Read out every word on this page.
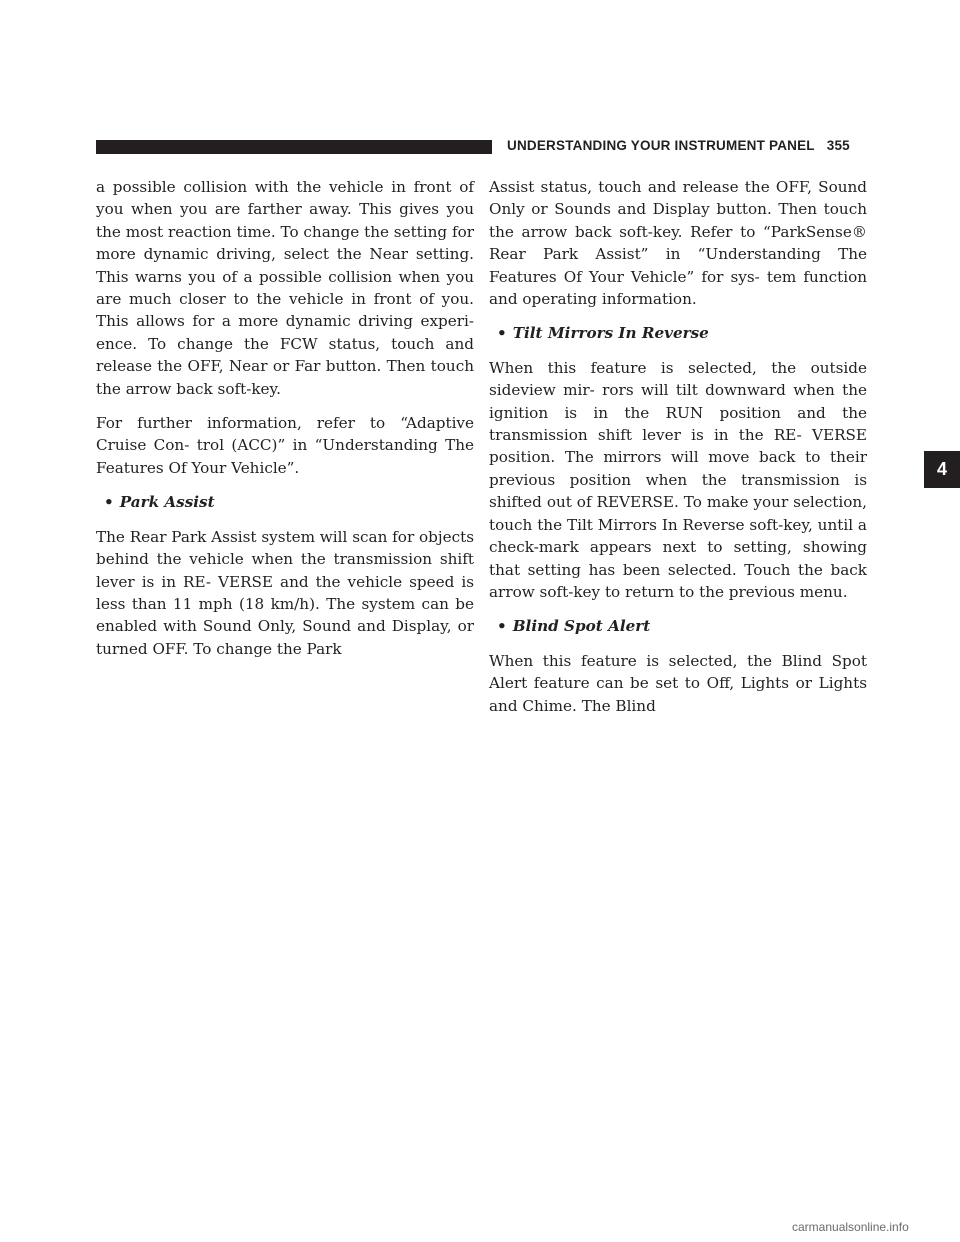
UNDERSTANDING YOUR INSTRUMENT PANEL 355
4

a possible collision with the vehicle in front of you when you are farther away. This gives you the most reaction time. To change the setting for more dynamic driving, select the Near setting. This warns you of a possible collision when you are much closer to the vehicle in front of you. This allows for a more dynamic driving experi- ence. To change the FCW status, touch and release the OFF, Near or Far button. Then touch the arrow back soft-key.

For further information, refer to “Adaptive Cruise Con- trol (ACC)” in “Understanding The Features Of Your Vehicle”.

• Park Assist

The Rear Park Assist system will scan for objects behind the vehicle when the transmission shift lever is in RE- VERSE and the vehicle speed is less than 11 mph (18 km/h). The system can be enabled with Sound Only, Sound and Display, or turned OFF. To change the Park

Assist status, touch and release the OFF, Sound Only or Sounds and Display button. Then touch the arrow back soft-key. Refer to “ParkSense® Rear Park Assist” in “Understanding The Features Of Your Vehicle” for sys- tem function and operating information.

• Tilt Mirrors In Reverse

When this feature is selected, the outside sideview mir- rors will tilt downward when the ignition is in the RUN position and the transmission shift lever is in the RE- VERSE position. The mirrors will move back to their previous position when the transmission is shifted out of REVERSE. To make your selection, touch the Tilt Mirrors In Reverse soft-key, until a check-mark appears next to setting, showing that setting has been selected. Touch the back arrow soft-key to return to the previous menu.

• Blind Spot Alert

When this feature is selected, the Blind Spot Alert feature can be set to Off, Lights or Lights and Chime. The Blind

carmanualsonline.info
